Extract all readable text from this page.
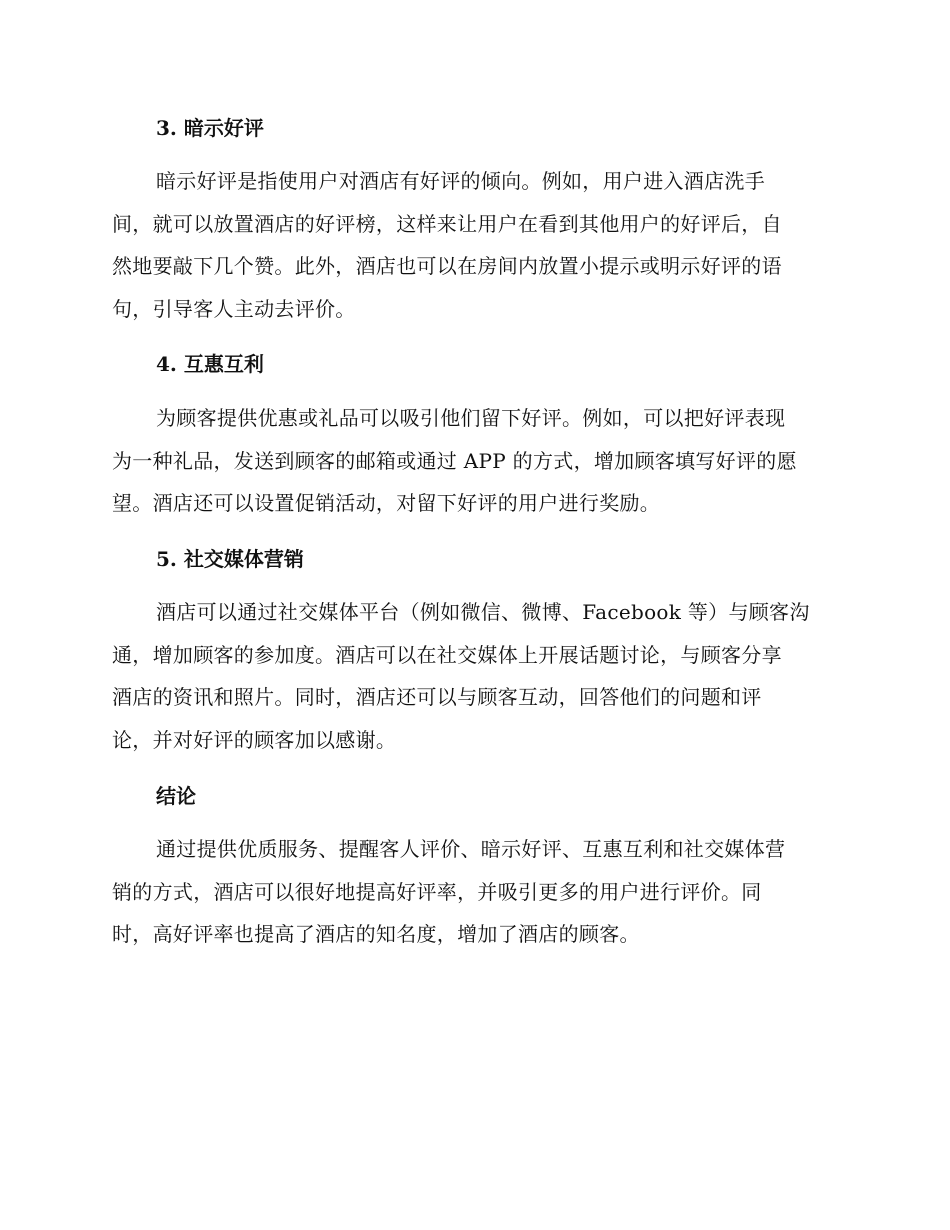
3. 暗示好评

暗示好评是指使用户对酒店有好评的倾向。例如，用户进入酒店洗手

间，就可以放置酒店的好评榜，这样来让用户在看到其他用户的好评后，自

然地要敲下几个赞。此外，酒店也可以在房间内放置小提示或明示好评的语

句，引导客人主动去评价。

4. 互惠互利

为顾客提供优惠或礼品可以吸引他们留下好评。例如，可以把好评表现

为一种礼品，发送到顾客的邮箱或通过 APP 的方式，增加顾客填写好评的愿

望。酒店还可以设置促销活动，对留下好评的用户进行奖励。

5. 社交媒体营销

酒店可以通过社交媒体平台（例如微信、微博、Facebook 等）与顾客沟

通，增加顾客的参加度。酒店可以在社交媒体上开展话题讨论，与顾客分享

酒店的资讯和照片。同时，酒店还可以与顾客互动，回答他们的问题和评

论，并对好评的顾客加以感谢。

结论

通过提供优质服务、提醒客人评价、暗示好评、互惠互利和社交媒体营

销的方式，酒店可以很好地提高好评率，并吸引更多的用户进行评价。同

时，高好评率也提高了酒店的知名度，增加了酒店的顾客。
